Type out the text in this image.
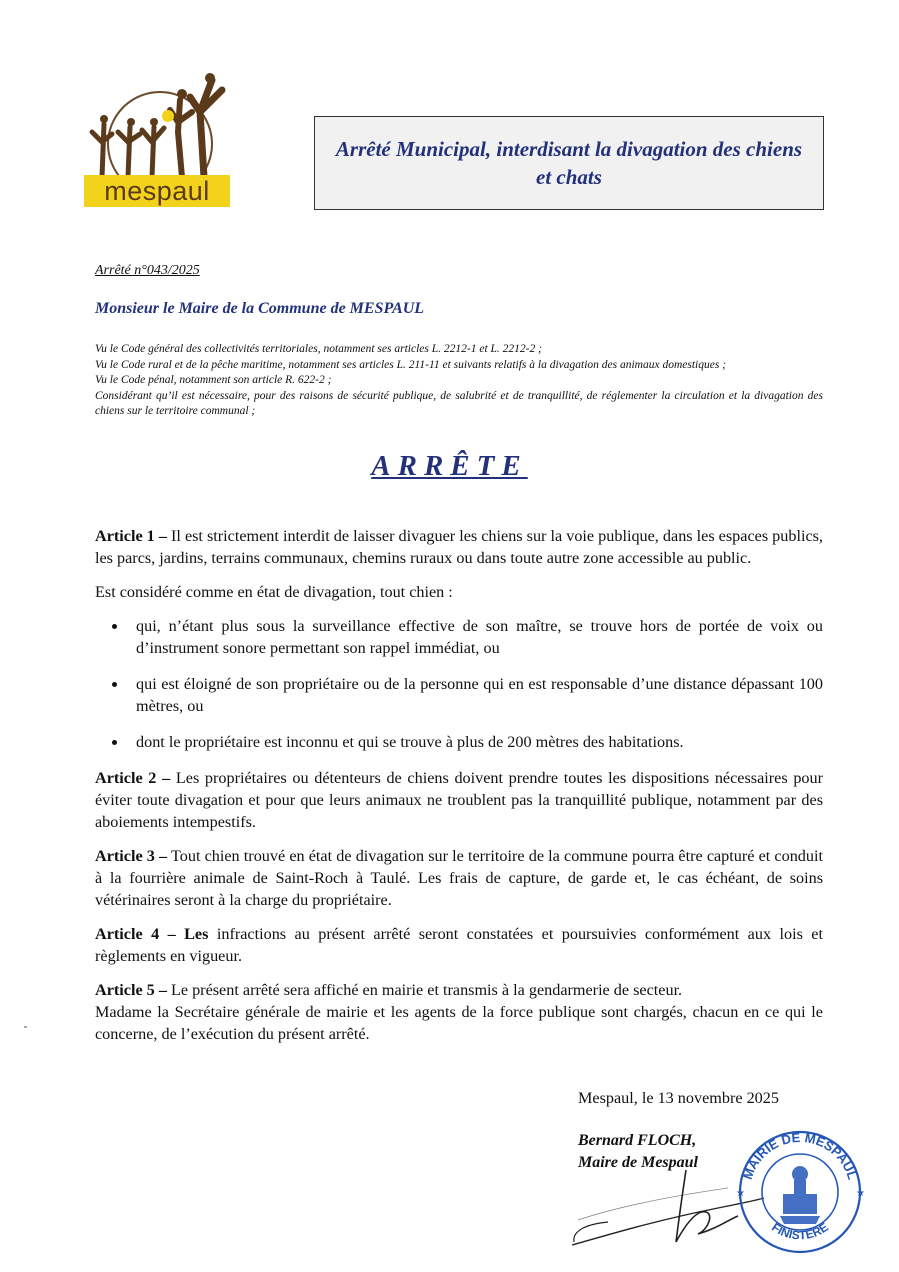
mespaul
Arrêté Municipal, interdisant la divagation des chiens et chats
Arrêté n°043/2025
Monsieur le Maire de la Commune de MESPAUL
Vu le Code général des collectivités territoriales, notamment ses articles L. 2212-1 et L. 2212-2 ;
Vu le Code rural et de la pêche maritime, notamment ses articles L. 211-11 et suivants relatifs à la divagation des animaux domestiques ;
Vu le Code pénal, notamment son article R. 622-2 ;
Considérant qu’il est nécessaire, pour des raisons de sécurité publique, de salubrité et de tranquillité, de réglementer la circulation et la divagation des chiens sur le territoire communal ;
ARRÊTE

Article 1 – Il est strictement interdit de laisser divaguer les chiens sur la voie publique, dans les espaces publics, les parcs, jardins, terrains communaux, chemins ruraux ou dans toute autre zone accessible au public.

Est considéré comme en état de divagation, tout chien :

• qui, n’étant plus sous la surveillance effective de son maître, se trouve hors de portée de voix ou d’instrument sonore permettant son rappel immédiat, ou
• qui est éloigné de son propriétaire ou de la personne qui en est responsable d’une distance dépassant 100 mètres, ou
• dont le propriétaire est inconnu et qui se trouve à plus de 200 mètres des habitations.

Article 2 – Les propriétaires ou détenteurs de chiens doivent prendre toutes les dispositions nécessaires pour éviter toute divagation et pour que leurs animaux ne troublent pas la tranquillité publique, notamment par des aboiements intempestifs.

Article 3 – Tout chien trouvé en état de divagation sur le territoire de la commune pourra être capturé et conduit à la fourrière animale de Saint-Roch à Taulé. Les frais de capture, de garde et, le cas échéant, de soins vétérinaires seront à la charge du propriétaire.

Article 4 – Les infractions au présent arrêté seront constatées et poursuivies conformément aux lois et règlements en vigueur.

Article 5 – Le présent arrêté sera affiché en mairie et transmis à la gendarmerie de secteur.
Madame la Secrétaire générale de mairie et les agents de la force publique sont chargés, chacun en ce qui le concerne, de l’exécution du présent arrêté.

Mespaul, le 13 novembre 2025
Bernard FLOCH,
Maire de Mespaul
MAIRIE DE MESPAUL
FINISTERE
★	★
